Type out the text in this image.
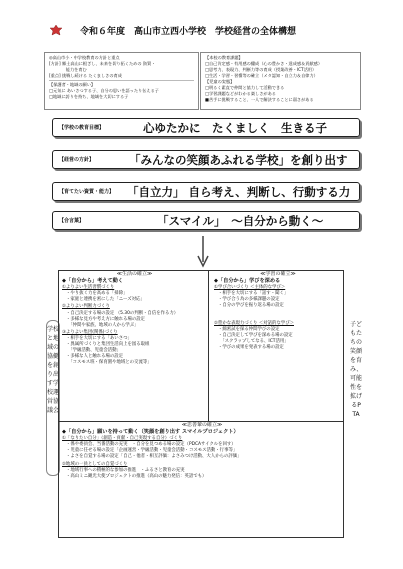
令和６年度　高山市立西小学校　学校経営の全体構想
◎高山市小・中学校教育の方針と重点
[方針] 郷土高山に根ざし、未来を切り拓くための 資質・
　　　　能力を育む
[重点] 挑戦し続ける たくましさの育成
【保護者・地域の願い】
□元気に あいさつする子、自分の思いを語ったり伝える子
□地域に誇りを持ち、地域を大切にする子
【本校の教育課題】
□自己肯定感・有用感の醸成（心の豊かさ・達成感＆貢献感）
□思考力、表現力、判断力等の育成（授業改善・ICT活用）
□生活・学習・習慣等の確立（メタ認知・自立力＆自律力）
【児童の実態】
□明るく素直で仲間と協力して活動できる
□学習課題などがわかる楽しさがある
■苦手に挑戦すること、一人で解決することに弱さがある
【学校の教育目標】	心ゆたかに　たくましく　生きる子
【経営の方針】	「みんなの笑顔あふれる学校」を創り出す
【育てたい資質・能力】	「自立力」 自ら考え、判断し、行動する力
【合言葉】	「スマイル」　～自分から動く～
学校と地域の協働を創り出す学校運営協議会
子どもたちの笑顔を育み、可能性を拡げるPTA
≪生活の確立≫
◆「自分から」考えて動く
①よりよい生活習慣づくり
・やり抜く力を高める「掃除」
・家庭と連携を密にした「ニーズ対応」
②よりよい判断力づくり
・自己決定する場の設定 （5.30の判断・自信を作る力）
・多様な見方や考え方に触れる場の設定
　「仲間や家族、地域の人から学ぶ」
③よりよい集団(関係)づくり
・相手を大切にする「あいさつ」
・異属所づくりと集団生活向上を図る取組
　「学級活動、児童会活動」
・多様な人と触れる場の設定
　「コスモス班・保育園や地域との交流等」
≪学習の確立≫
◆「自分から」学びを深める
①学び合いづくり ＜主体的な学び＞
・相手を大切にする「話す・聞く」
・学び合う為の多様課題の設定
・自分の学びを振り返る場の設定
②豊かな表現力づくり ＜対話的な学び＞
・綿密試を探る仲間学びの設定
・自己決定して学びを深める場の設定
　「スクラップしてなる、ICT活用」
・学びの成果を発表する場の設定
≪思善輩の確立≫
◆「自分から」願いを持って動く（笑顔を創り出す スマイルプロジェクト）
①「なりたい自分」（創造・貢献・自己実現する自分）づくり
・係や委員会、当番活動の充実　・自分を見つめる場の設定（PDCAサイクルを回す）
・児童に任せる場の設定「企画運営・学級活動・児童会活動・コスモス活動・行事等」
・よさを自覚する場の設定「自己・他者・相互評価：よさみつけ活動、大人からの評価」
②地域の一員としての自覚づくり
・地域行事への積極的な参加の推進　・ふるさと教育の充実
・高山ミニ観光大使プロジェクトの推進（高山の魅力発信：英語でも）
